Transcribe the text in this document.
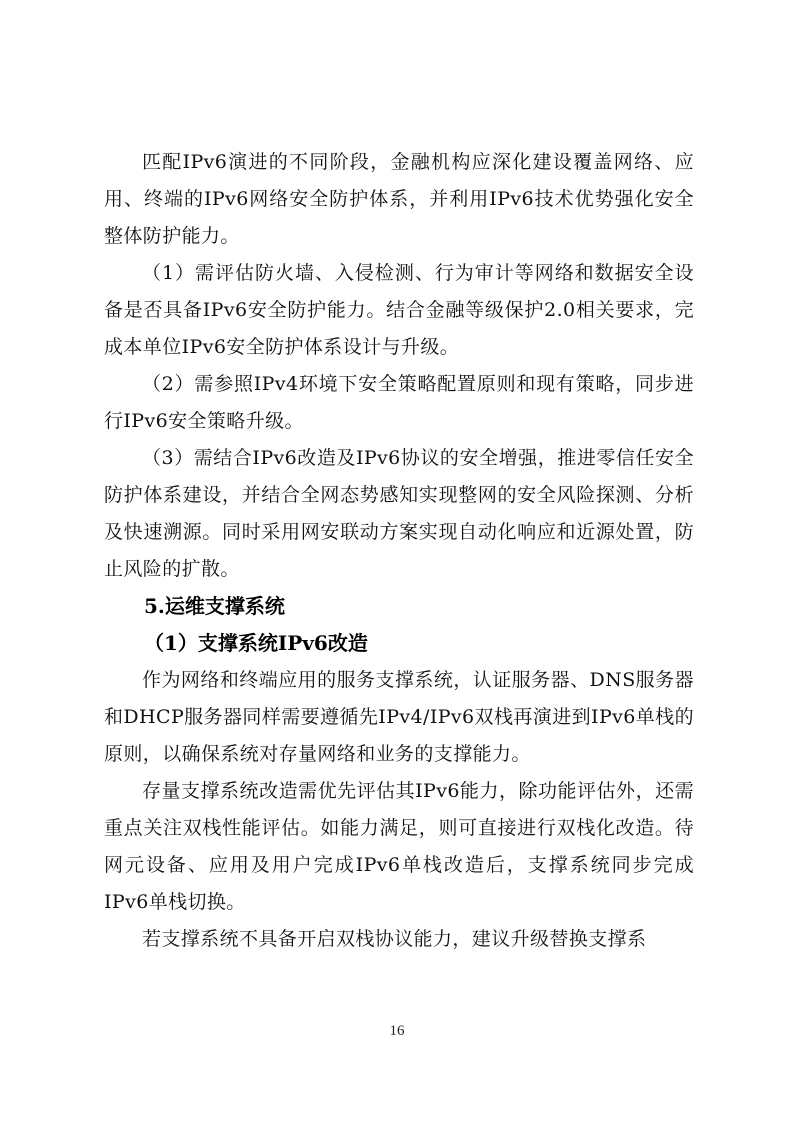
匹配IPv6演进的不同阶段，金融机构应深化建设覆盖网络、应用、终端的IPv6网络安全防护体系，并利用IPv6技术优势强化安全整体防护能力。

（1）需评估防火墙、入侵检测、行为审计等网络和数据安全设备是否具备IPv6安全防护能力。结合金融等级保护2.0相关要求，完成本单位IPv6安全防护体系设计与升级。

（2）需参照IPv4环境下安全策略配置原则和现有策略，同步进行IPv6安全策略升级。

（3）需结合IPv6改造及IPv6协议的安全增强，推进零信任安全防护体系建设，并结合全网态势感知实现整网的安全风险探测、分析及快速溯源。同时采用网安联动方案实现自动化响应和近源处置，防止风险的扩散。

5.运维支撑系统

（1）支撑系统IPv6改造

作为网络和终端应用的服务支撑系统，认证服务器、DNS服务器和DHCP服务器同样需要遵循先IPv4/IPv6双栈再演进到IPv6单栈的原则，以确保系统对存量网络和业务的支撑能力。

存量支撑系统改造需优先评估其IPv6能力，除功能评估外，还需重点关注双栈性能评估。如能力满足，则可直接进行双栈化改造。待网元设备、应用及用户完成IPv6单栈改造后，支撑系统同步完成IPv6单栈切换。

若支撑系统不具备开启双栈协议能力，建议升级替换支撑系

16
